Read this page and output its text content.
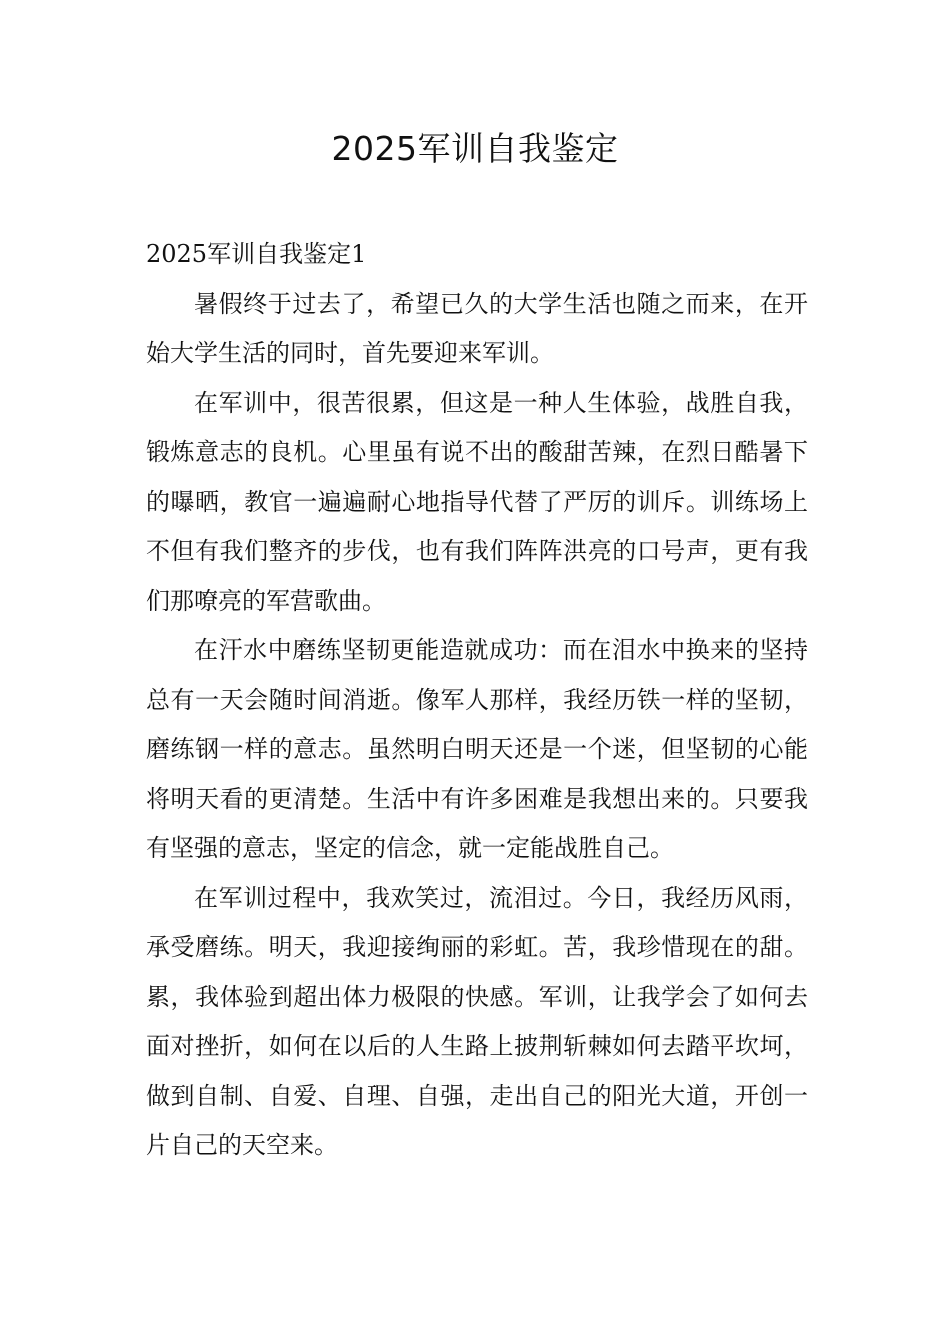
2025军训自我鉴定
2025军训自我鉴定1

暑假终于过去了，希望已久的大学生活也随之而来，在开始大学生活的同时，首先要迎来军训。

在军训中，很苦很累，但这是一种人生体验，战胜自我，锻炼意志的良机。心里虽有说不出的酸甜苦辣，在烈日酷暑下的曝晒，教官一遍遍耐心地指导代替了严厉的训斥。训练场上不但有我们整齐的步伐，也有我们阵阵洪亮的口号声，更有我们那嘹亮的军营歌曲。

在汗水中磨练坚韧更能造就成功：而在泪水中换来的坚持总有一天会随时间消逝。像军人那样，我经历铁一样的坚韧，磨练钢一样的意志。虽然明白明天还是一个迷，但坚韧的心能将明天看的更清楚。生活中有许多困难是我想出来的。只要我有坚强的意志，坚定的信念，就一定能战胜自己。

在军训过程中，我欢笑过，流泪过。今日，我经历风雨，承受磨练。明天，我迎接绚丽的彩虹。苦，我珍惜现在的甜。累，我体验到超出体力极限的快感。军训，让我学会了如何去面对挫折，如何在以后的人生路上披荆斩棘如何去踏平坎坷，做到自制、自爱、自理、自强，走出自己的阳光大道，开创一片自己的天空来。
